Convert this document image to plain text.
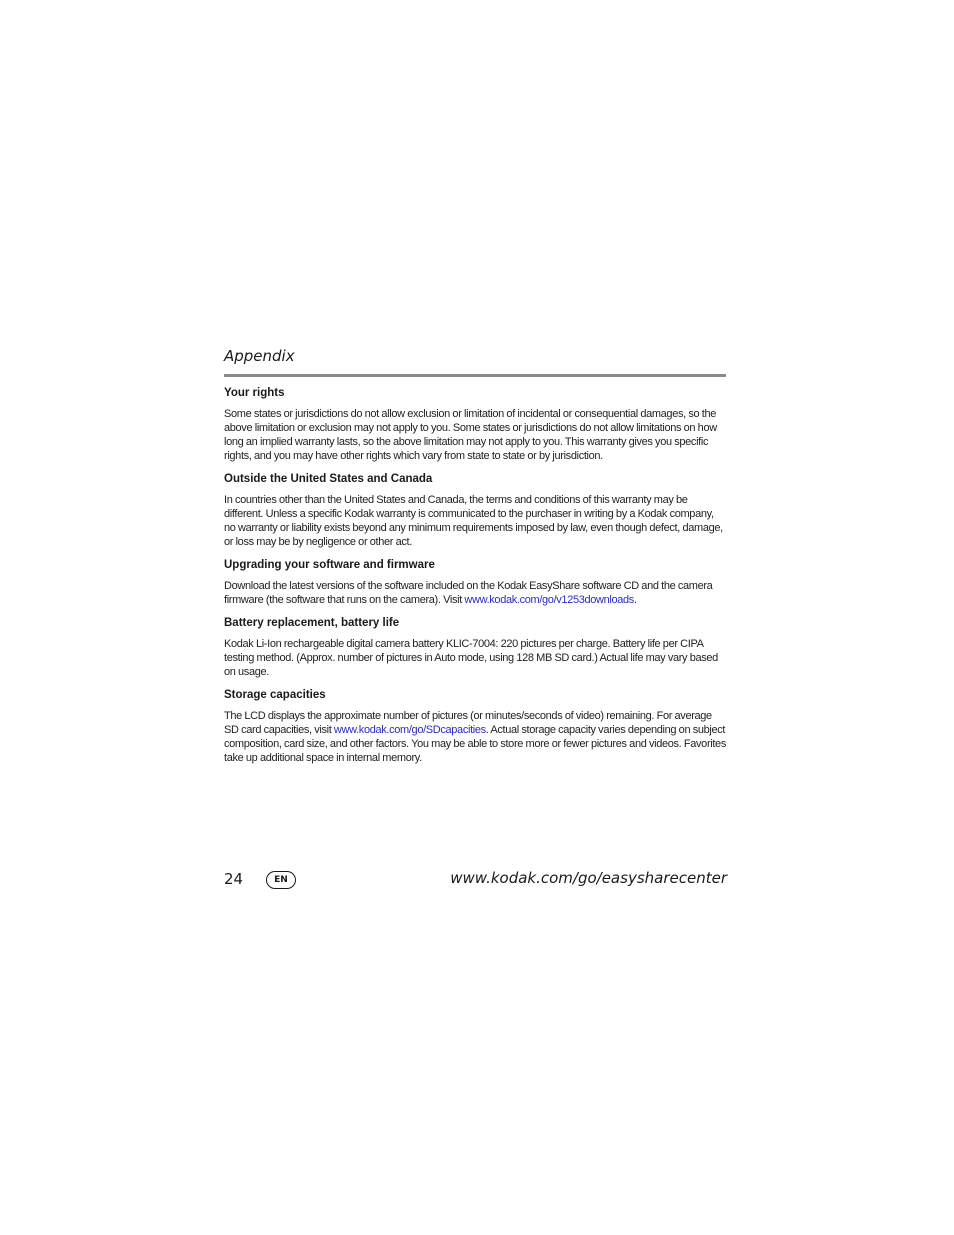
Appendix
Your rights

Some states or jurisdictions do not allow exclusion or limitation of incidental or consequential damages, so the above limitation or exclusion may not apply to you. Some states or jurisdictions do not allow limitations on how long an implied warranty lasts, so the above limitation may not apply to you. This warranty gives you specific rights, and you may have other rights which vary from state to state or by jurisdiction.

Outside the United States and Canada

In countries other than the United States and Canada, the terms and conditions of this warranty may be different. Unless a specific Kodak warranty is communicated to the purchaser in writing by a Kodak company, no warranty or liability exists beyond any minimum requirements imposed by law, even though defect, damage, or loss may be by negligence or other act.

Upgrading your software and firmware

Download the latest versions of the software included on the Kodak EasyShare software CD and the camera firmware (the software that runs on the camera). Visit www.kodak.com/go/v1253downloads.

Battery replacement, battery life

Kodak Li-Ion rechargeable digital camera battery KLIC-7004: 220 pictures per charge. Battery life per CIPA testing method. (Approx. number of pictures in Auto mode, using 128 MB SD card.) Actual life may vary based on usage.

Storage capacities

The LCD displays the approximate number of pictures (or minutes/seconds of video) remaining. For average SD card capacities, visit www.kodak.com/go/SDcapacities. Actual storage capacity varies depending on subject composition, card size, and other factors. You may be able to store more or fewer pictures and videos. Favorites take up additional space in internal memory.

24	EN	www.kodak.com/go/easysharecenter
